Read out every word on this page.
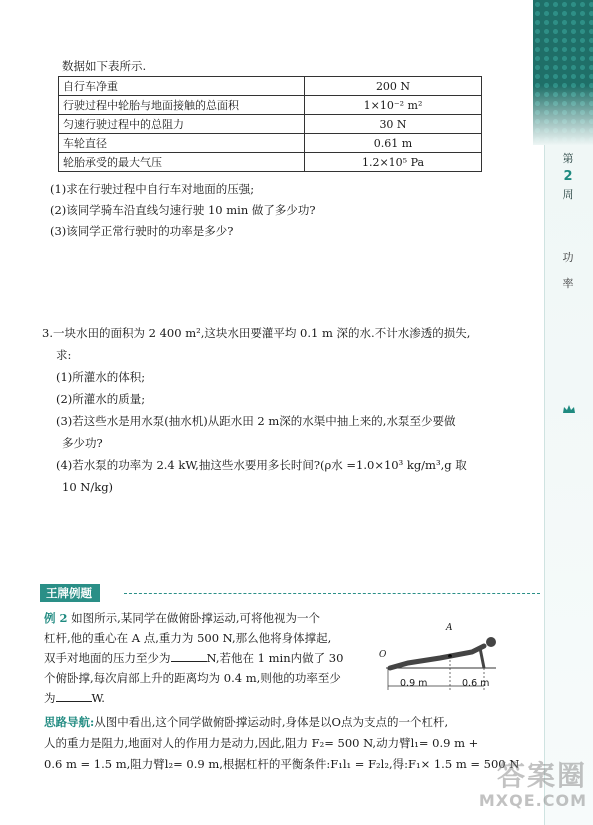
第
2
周
功
率
数据如下表所示.
自行车净重	200 N
行驶过程中轮胎与地面接触的总面积	1×10⁻² m²
匀速行驶过程中的总阻力	30 N
车轮直径	0.61 m
轮胎承受的最大气压	1.2×10⁵ Pa
(1)求在行驶过程中自行车对地面的压强;
(2)该同学骑车沿直线匀速行驶 10 min 做了多少功?
(3)该同学正常行驶时的功率是多少?
3.一块水田的面积为 2 400 m²,这块水田要灌平均 0.1 m 深的水.不计水渗透的损失,

求:
(1)所灌水的体积;
(2)所灌水的质量;
(3)若这些水是用水泵(抽水机)从距水田 2 m深的水渠中抽上来的,水泵至少要做
多少功?
(4)若水泵的功率为 2.4 kW,抽这些水要用多长时间?(ρ水 =1.0×10³ kg/m³,g 取
10 N/kg)
王牌例题
例 2 如图所示,某同学在做俯卧撑运动,可将他视为一个
杠杆,他的重心在 A 点,重力为 500 N,那么他将身体撑起,
双手对地面的压力至少为	N,若他在 1 min内做了 30
个俯卧撑,每次肩部上升的距离均为 0.4 m,则他的功率至少
为	W.
A
O
0.9 m	0.6 m
思路导航:从图中看出,这个同学做俯卧撑运动时,身体是以O点为支点的一个杠杆,
人的重力是阻力,地面对人的作用力是动力,因此,阻力 F₂= 500 N,动力臂l₁= 0.9 m +
0.6 m = 1.5 m,阻力臂l₂= 0.9 m,根据杠杆的平衡条件:F₁l₁ = F₂l₂,得:F₁× 1.5 m = 500 N
答案圈
MXQE.COM
